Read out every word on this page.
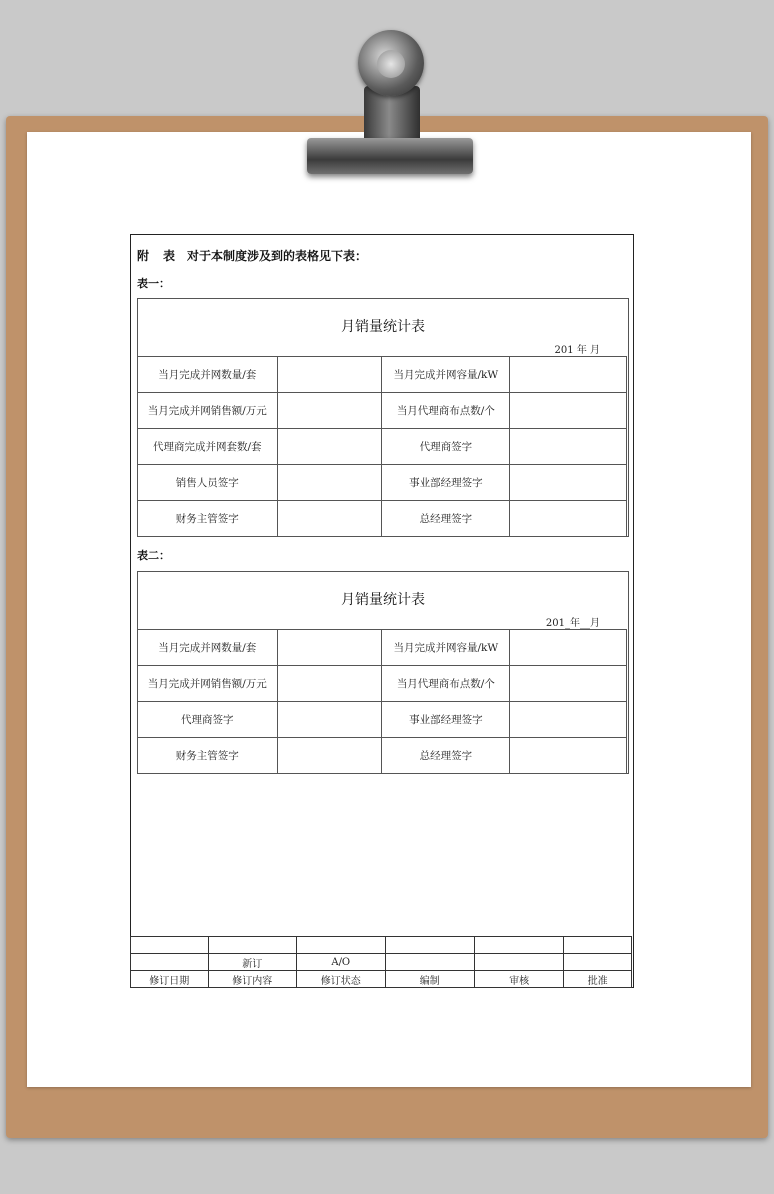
附 表 对于本制度涉及到的表格见下表：
表一：
月销量统计表
201 年 月
当月完成并网数量/套		当月完成并网容量/kW	
当月完成并网销售额/万元		当月代理商布点数/个	
代理商完成并网套数/套		代理商签字	
销售人员签字		事业部经理签字	
财务主管签字		总经理签字	
表二：
月销量统计表
201_年__月
当月完成并网数量/套		当月完成并网容量/kW	
当月完成并网销售额/万元		当月代理商布点数/个	
代理商签字		事业部经理签字	
财务主管签字		总经理签字	

	新订	A/O			
修订日期	修订内容	修订状态	编制	审核	批准
